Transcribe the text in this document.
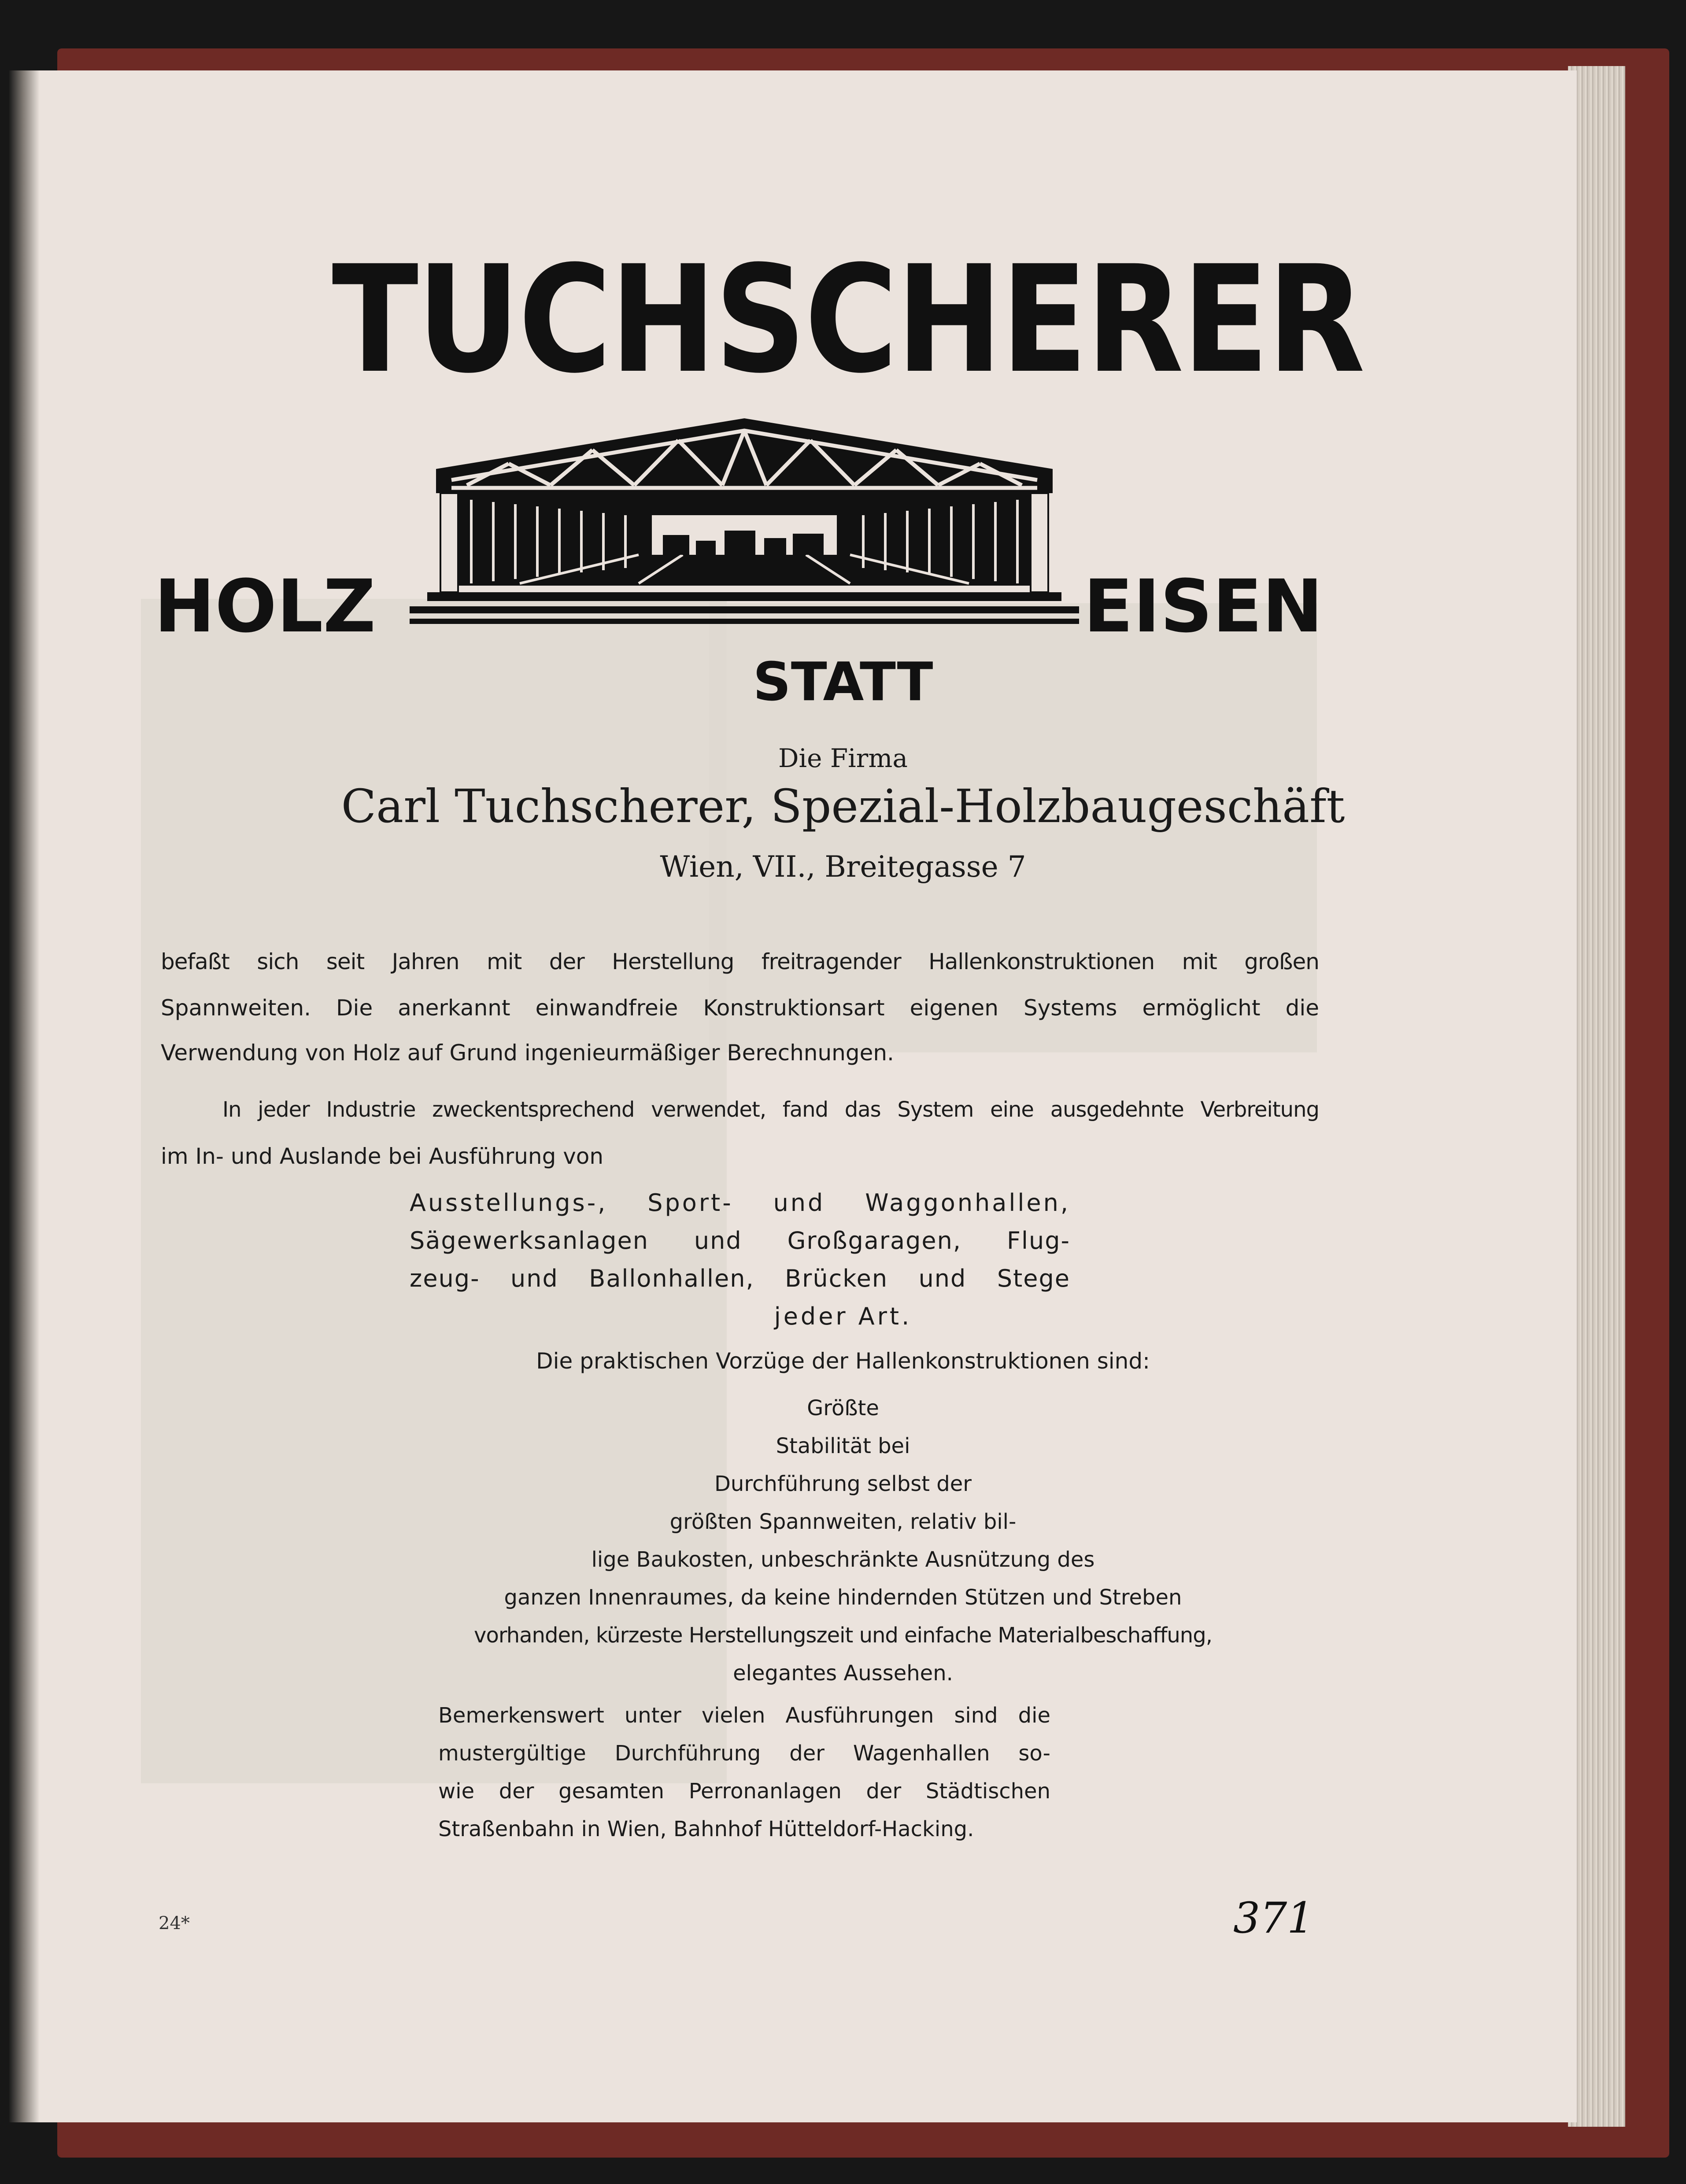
TUCHSCHERER
HOLZ	EISEN
STATT
Die Firma
Carl Tuchscherer, Spezial-Holzbaugeschäft
Wien, VII., Breitegasse 7
befaßt sich seit Jahren mit der Herstellung freitragender Hallenkonstruktionen mit großen
Spannweiten. Die anerkannt einwandfreie Konstruktionsart eigenen Systems ermöglicht die
Verwendung von Holz auf Grund ingenieurmäßiger Berechnungen.
In jeder Industrie zweckentsprechend verwendet, fand das System eine ausgedehnte Verbreitung
im In- und Auslande bei Ausführung von
Ausstellungs-, Sport- und Waggonhallen,
Sägewerksanlagen und Großgaragen, Flug-
zeug- und Ballonhallen, Brücken und Stege
jeder Art.
Die praktischen Vorzüge der Hallenkonstruktionen sind:
Größte
Stabilität bei
Durchführung selbst der
größten Spannweiten, relativ bil-
lige Baukosten, unbeschränkte Ausnützung des
ganzen Innenraumes, da keine hindernden Stützen und Streben
vorhanden, kürzeste Herstellungszeit und einfache Materialbeschaffung,
elegantes Aussehen.
Bemerkenswert unter vielen Ausführungen sind die
mustergültige Durchführung der Wagenhallen so-
wie der gesamten Perronanlagen der Städtischen
Straßenbahn in Wien, Bahnhof Hütteldorf-Hacking.
24*	371
